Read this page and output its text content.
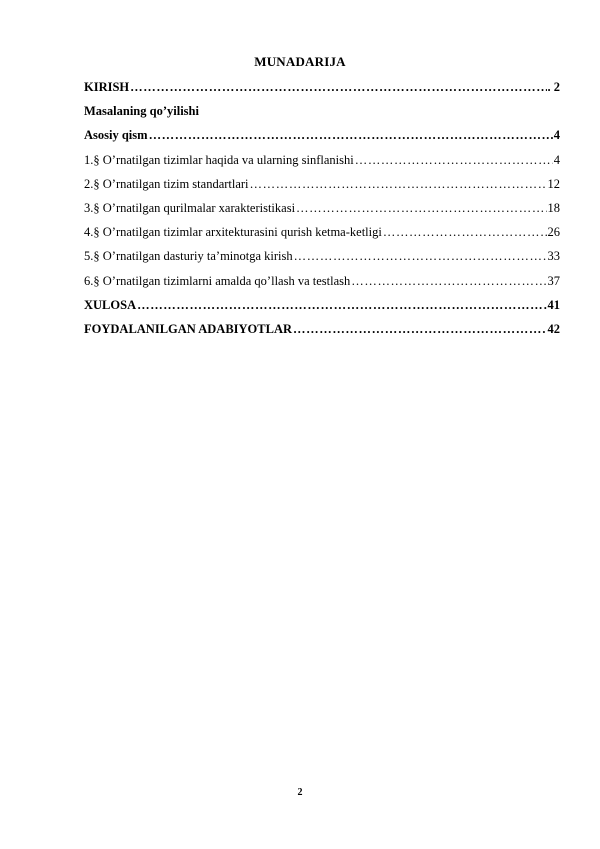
MUNADARIJA
KIRISH ……………………………………………………………………………………………………………………………………	. 2
Masalaning qo’yilishi
Asosiy qism ……………………………………………………………………………………………………………………………………	4
1.§ O’rnatilgan tizimlar haqida va ularning sinflanishi ……………………………………………………………………………………………………………………………………	4
2.§ O’rnatilgan tizim standartlari ……………………………………………………………………………………………………………………………………	12
3.§ O’rnatilgan qurilmalar xarakteristikasi ……………………………………………………………………………………………………………………………………	18
4.§ O’rnatilgan tizimlar arxitekturasini qurish ketma-ketligi ……………………………………………………………………………………………………………………………………	26
5.§ O’rnatilgan dasturiy ta’minotga kirish ……………………………………………………………………………………………………………………………………	33
6.§ O’rnatilgan tizimlarni amalda qo’llash va testlash ……………………………………………………………………………………………………………………………………	37
XULOSA ……………………………………………………………………………………………………………………………………	41
FOYDALANILGAN ADABIYOTLAR ……………………………………………………………………………………………………………………………………	42
2
